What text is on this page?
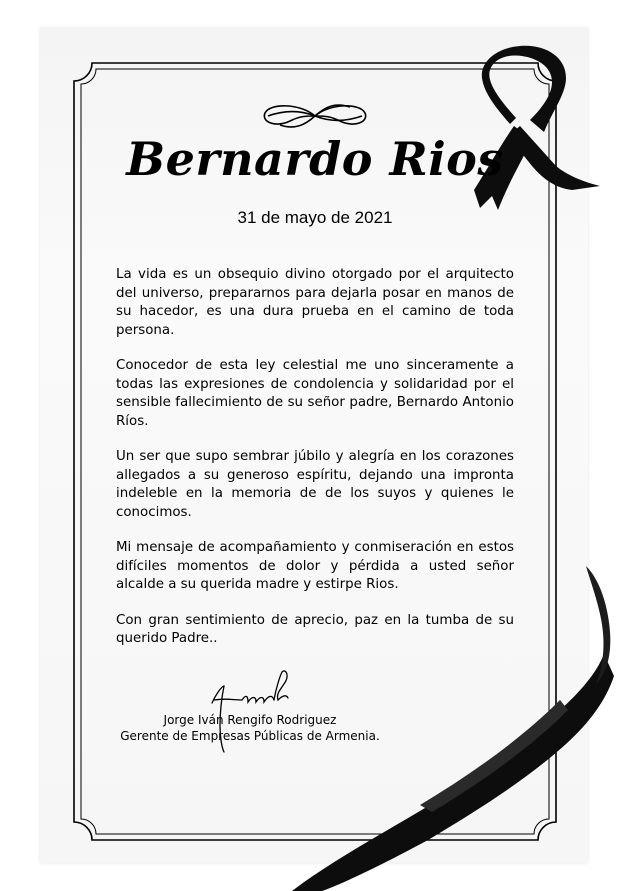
Bernardo Rios
31 de mayo de 2021

La vida es un obsequio divino otorgado por el arquitecto del universo, prepararnos para dejarla posar en manos de su hacedor, es una dura prueba en el camino de toda persona.

Conocedor de esta ley celestial me uno sinceramente a todas las expresiones de condolencia y solidaridad por el sensible fallecimiento de su señor padre, Bernardo Antonio Ríos.

Un ser que supo sembrar júbilo y alegría en los corazones allegados a su generoso espíritu, dejando una impronta indeleble en la memoria de de los suyos y quienes le conocimos.

Mi mensaje de acompañamiento y conmiseración en estos difíciles momentos de dolor y pérdida a usted señor alcalde a su querida madre y estirpe Rios.

Con gran sentimiento de aprecio, paz en la tumba de su querido Padre..

Jorge Iván Rengifo Rodriguez
Gerente de Empresas Públicas de Armenia.
